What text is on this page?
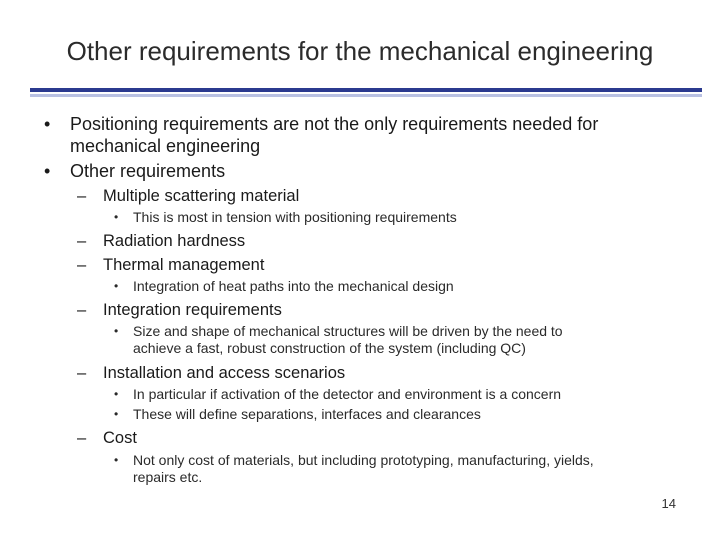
Other requirements for the mechanical engineering
• Positioning requirements are not the only requirements needed for
mechanical engineering
• Other requirements
– Multiple scattering material
• This is most in tension with positioning requirements
– Radiation hardness
– Thermal management
• Integration of heat paths into the mechanical design
– Integration requirements
• Size and shape of mechanical structures will be driven by the need to
achieve a fast, robust construction of the system (including QC)
– Installation and access scenarios
• In particular if activation of the detector and environment is a concern
• These will define separations, interfaces and clearances
– Cost
• Not only cost of materials, but including prototyping, manufacturing, yields,
repairs etc.
14
